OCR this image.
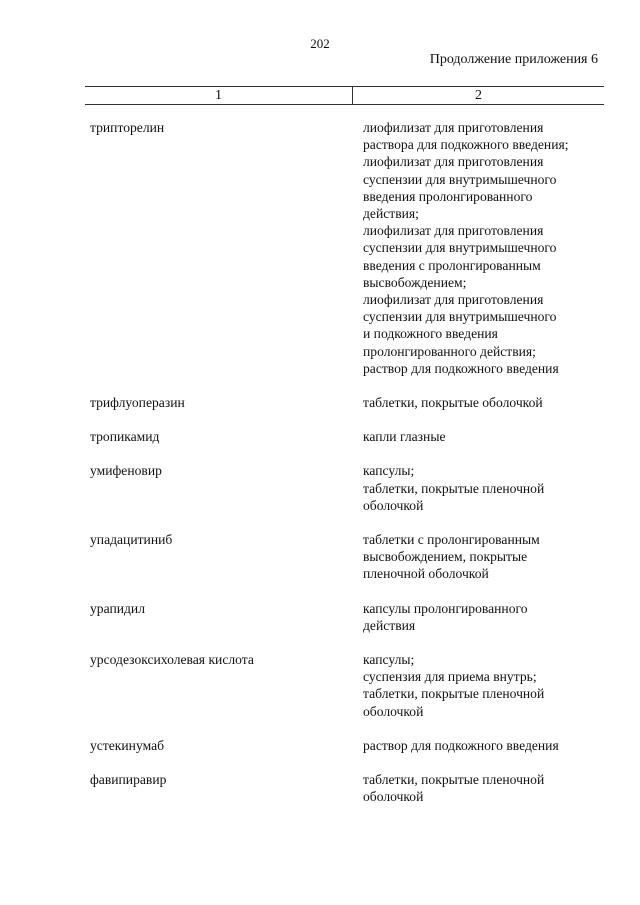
202
Продолжение приложения 6
1	2
трипторелин	лиофилизат для приготовления
раствора для подкожного введения;
лиофилизат для приготовления
суспензии для внутримышечного
введения пролонгированного
действия;
лиофилизат для приготовления
суспензии для внутримышечного
введения с пролонгированным
высвобождением;
лиофилизат для приготовления
суспензии для внутримышечного
и подкожного введения
пролонгированного действия;
раствор для подкожного введения
трифлуоперазин	таблетки, покрытые оболочкой
тропикамид	капли глазные
умифеновир	капсулы;
таблетки, покрытые пленочной
оболочкой
упадацитиниб	таблетки с пролонгированным
высвобождением, покрытые
пленочной оболочкой
урапидил	капсулы пролонгированного
действия
урсодезоксихолевая кислота	капсулы;
суспензия для приема внутрь;
таблетки, покрытые пленочной
оболочкой
устекинумаб	раствор для подкожного введения
фавипиравир	таблетки, покрытые пленочной
оболочкой
